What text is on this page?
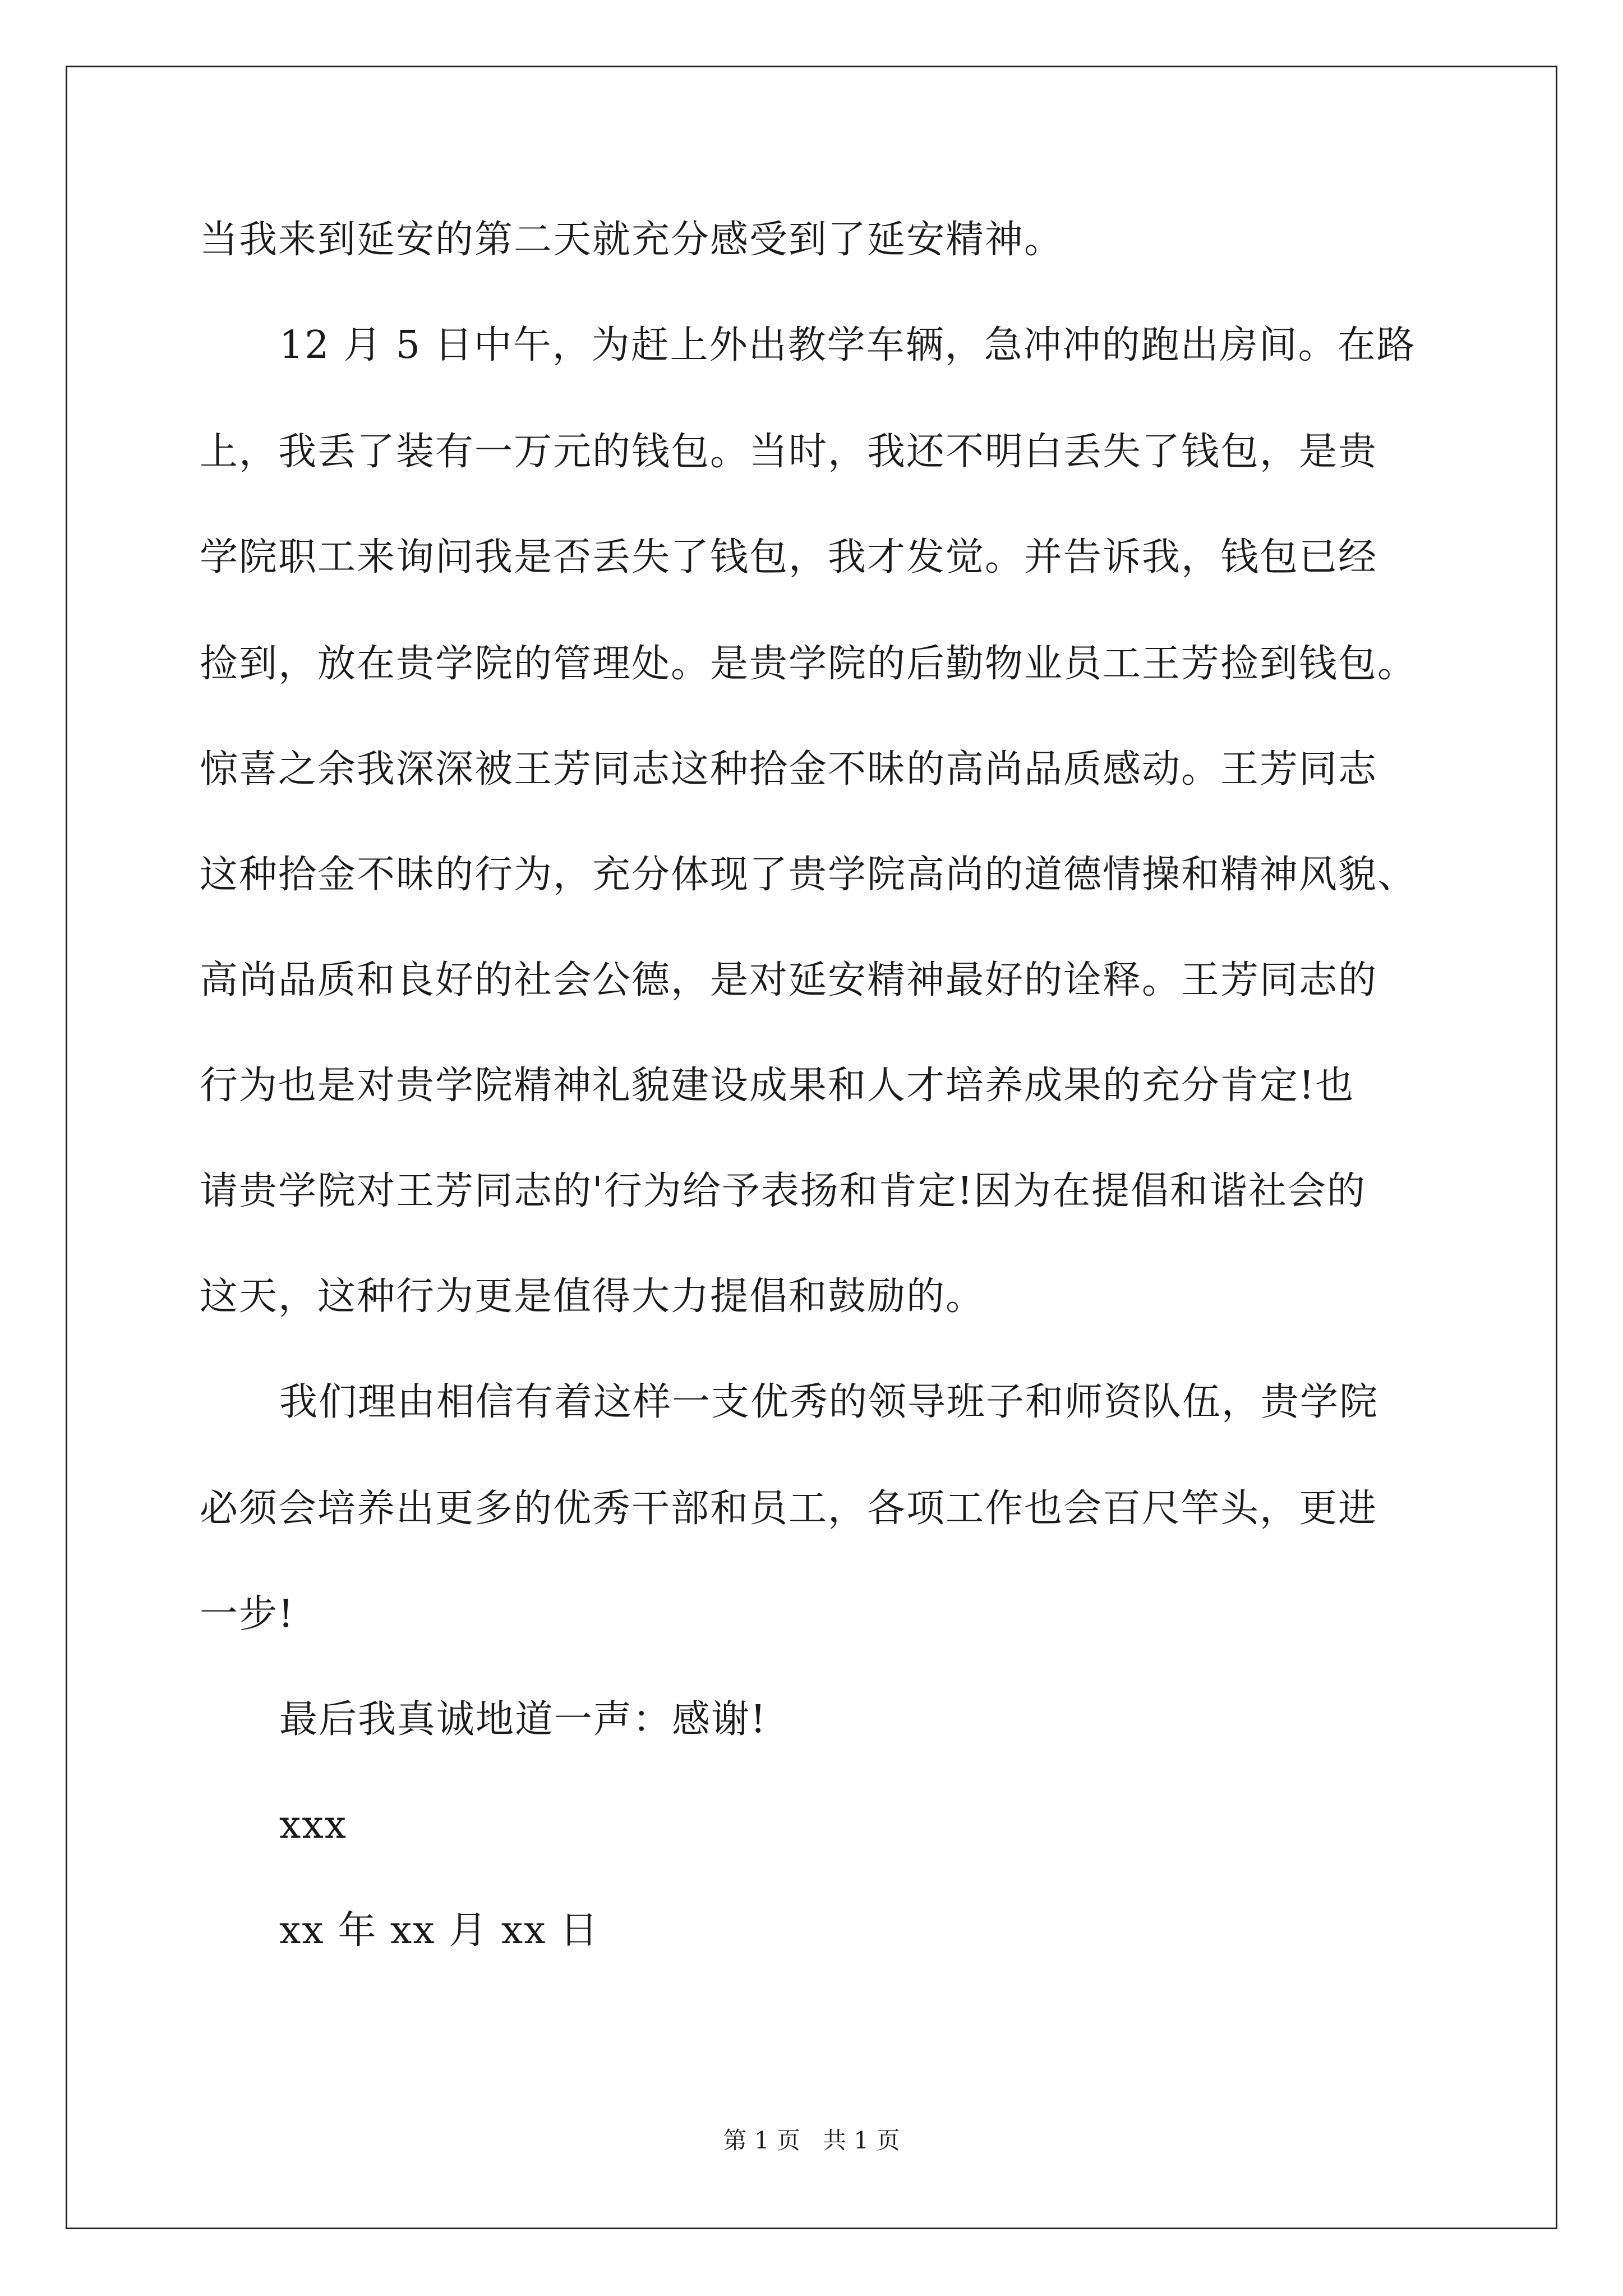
当我来到延安的第二天就充分感受到了延安精神。
12 月 5 日中午，为赶上外出教学车辆，急冲冲的跑出房间。在路
上，我丢了装有一万元的钱包。当时，我还不明白丢失了钱包，是贵
学院职工来询问我是否丢失了钱包，我才发觉。并告诉我，钱包已经
捡到，放在贵学院的管理处。是贵学院的后勤物业员工王芳捡到钱包。
惊喜之余我深深被王芳同志这种拾金不昧的高尚品质感动。王芳同志
这种拾金不昧的行为，充分体现了贵学院高尚的道德情操和精神风貌、
高尚品质和良好的社会公德，是对延安精神最好的诠释。王芳同志的
行为也是对贵学院精神礼貌建设成果和人才培养成果的充分肯定!也
请贵学院对王芳同志的'行为给予表扬和肯定!因为在提倡和谐社会的
这天，这种行为更是值得大力提倡和鼓励的。
我们理由相信有着这样一支优秀的领导班子和师资队伍，贵学院
必须会培养出更多的优秀干部和员工，各项工作也会百尺竿头，更进
一步!
最后我真诚地道一声：感谢!
xxx
xx 年 xx 月 xx 日
第 1 页   共 1 页
